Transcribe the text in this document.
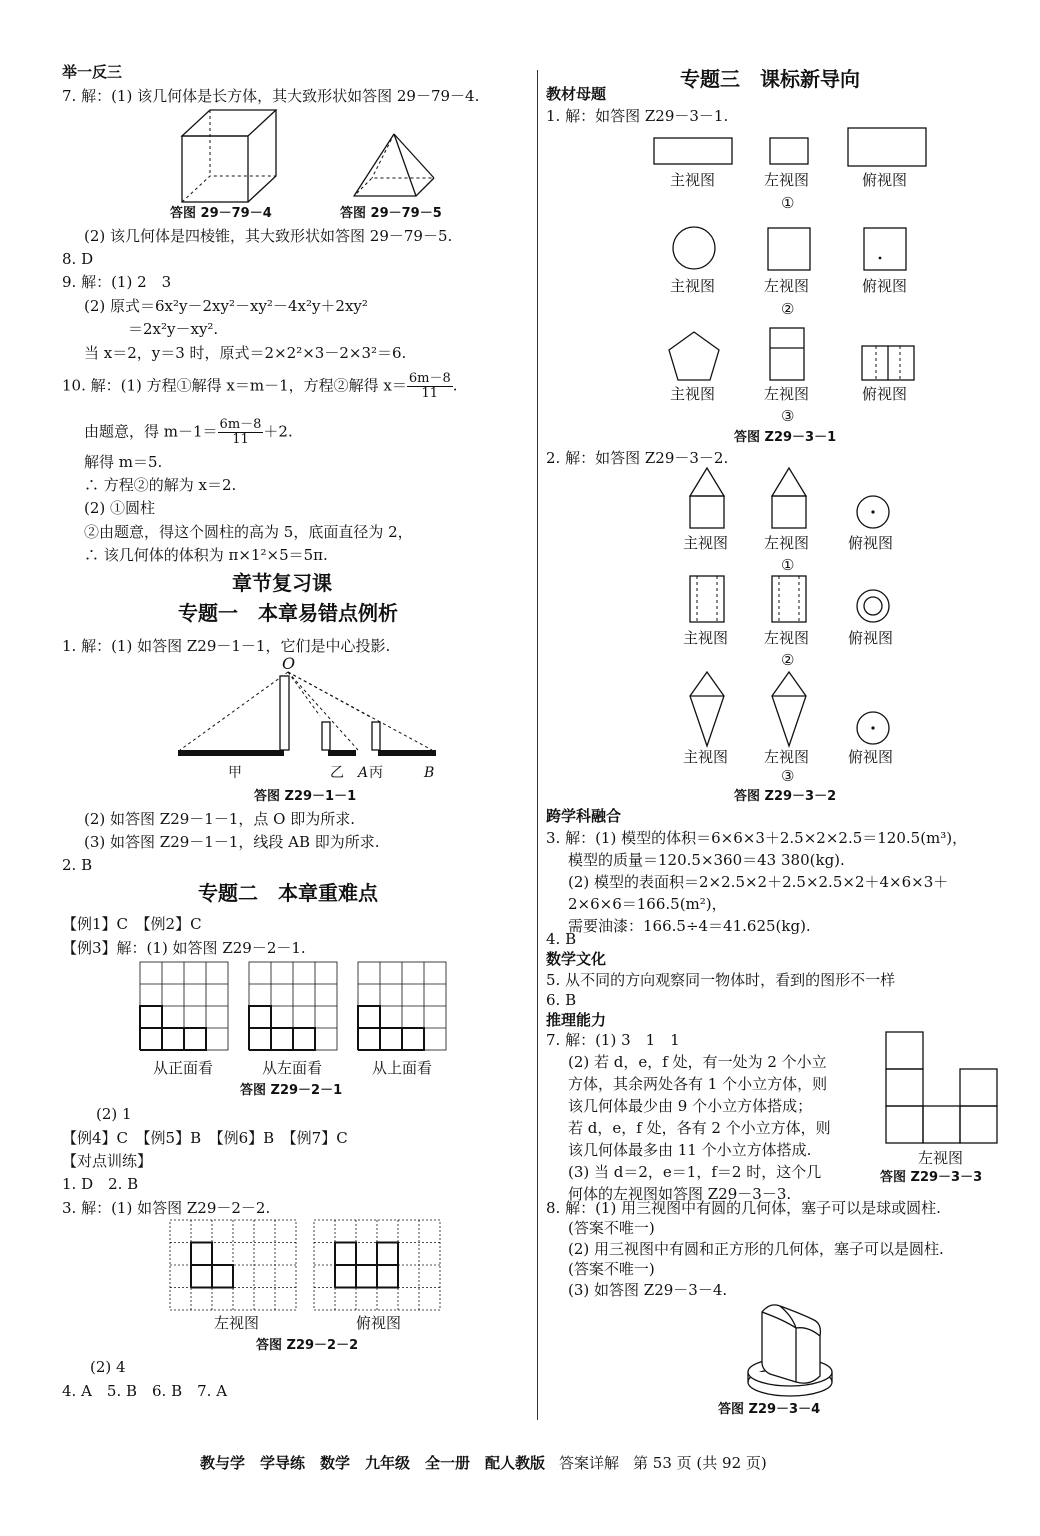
举一反三
7. 解：(1) 该几何体是长方体，其大致形状如答图 29－79－4.
答图 29－79－4	答图 29－79－5
(2) 该几何体是四棱锥，其大致形状如答图 29－79－5.
8. D
9. 解：(1) 2　3
(2) 原式＝6x²y－2xy²－xy²－4x²y＋2xy²
＝2x²y－xy².
当 x＝2，y＝3 时，原式＝2×2²×3－2×3²＝6.
10. 解：(1) 方程①解得 x＝m－1，方程②解得 $x= \frac{6m-8}{11}$ .
由题意，得 $m-1= \frac{6m-8}{11} +2$.
解得 m＝5.
∴ 方程②的解为 x＝2.
(2) ①圆柱
②由题意，得这个圆柱的高为 5，底面直径为 2，
∴ 该几何体的体积为 π×1²×5＝5π.
章节复习课
专题一　本章易错点例析
1. 解：(1) 如答图 Z29－1－1，它们是中心投影.
O
甲	乙 A 丙	B
答图 Z29－1－1
(2) 如答图 Z29－1－1，点 O 即为所求.
(3) 如答图 Z29－1－1，线段 AB 即为所求.
2. B
专题二　本章重难点
【例1】C　【例2】C
【例3】解：(1) 如答图 Z29－2－1.
从正面看	从左面看	从上面看
答图 Z29－2－1
(2) 1
【例4】C　【例5】B　【例6】B　【例7】C
【对点训练】
1. D　2. B
3. 解：(1) 如答图 Z29－2－2.
左视图	俯视图
答图 Z29－2－2
(2) 4
4. A　5. B　6. B　7. A
专题三　课标新导向
教材母题
1. 解：如答图 Z29－3－1.
主视图	左视图	俯视图
①
主视图	左视图	俯视图
②
主视图	左视图	俯视图
③
答图 Z29－3－1
2. 解：如答图 Z29－3－2.
主视图 左视图	俯视图
①
主视图 左视图	俯视图
②
主视图 左视图	俯视图
③
答图 Z29－3－2
跨学科融合
3. 解：(1) 模型的体积＝6×6×3＋2.5×2×2.5＝120.5(m³)，
模型的质量＝120.5×360＝43 380(kg).
(2) 模型的表面积＝2×2.5×2＋2.5×2.5×2＋4×6×3＋
2×6×6＝166.5(m²)，
需要油漆：166.5÷4＝41.625(kg).
4. B
数学文化
5. 从不同的方向观察同一物体时，看到的图形不一样
6. B
推理能力
7. 解：(1) 3　1　1
(2) 若 d，e，f 处，有一处为 2 个小立
方体，其余两处各有 1 个小立方体，则
该几何体最少由 9 个小立方体搭成；
若 d，e，f 处，各有 2 个小立方体，则
该几何体最多由 11 个小立方体搭成.
(3) 当 d＝2，e＝1，f＝2 时，这个几
何体的左视图如答图 Z29－3－3.
左视图
答图 Z29－3－3
8. 解：(1) 用三视图中有圆的几何体，塞子可以是球或圆柱.
(答案不唯一)
(2) 用三视图中有圆和正方形的几何体，塞子可以是圆柱.
(答案不唯一)
(3) 如答图 Z29－3－4.
答图 Z29－3－4
教与学　学导练　数学　九年级　全一册　配人教版 答案详解 第 53 页 (共 92 页)
